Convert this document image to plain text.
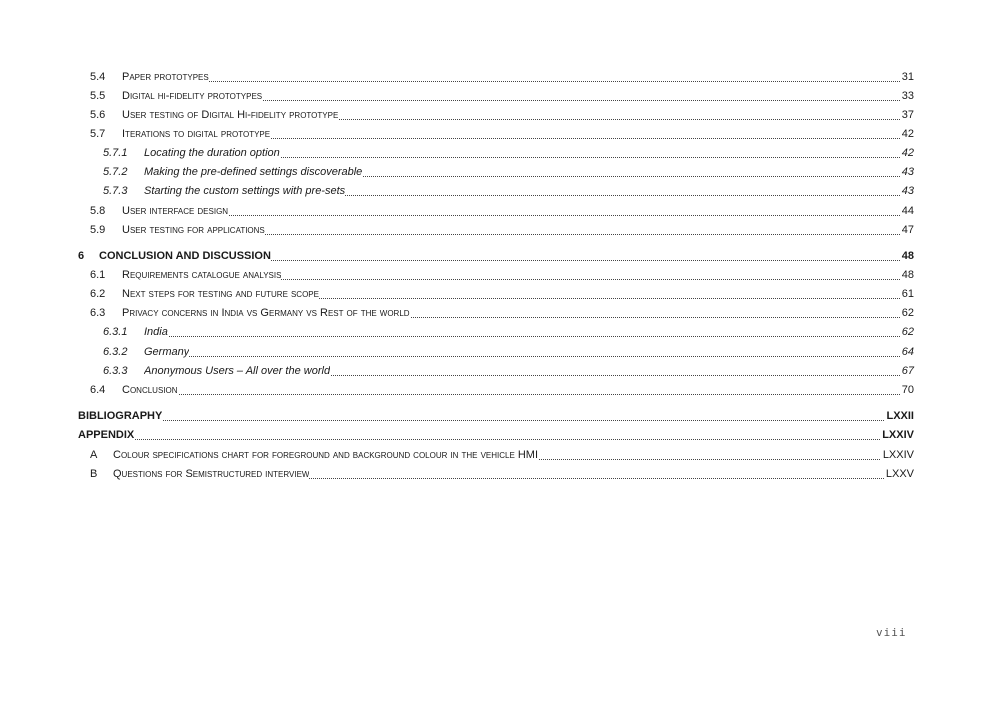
5.4 Paper prototypes	31
5.5 Digital hi-fidelity prototypes	33
5.6 User testing of Digital Hi-fidelity prototype	37
5.7 Iterations to digital prototype	42
5.7.1 Locating the duration option	42
5.7.2 Making the pre-defined settings discoverable	43
5.7.3 Starting the custom settings with pre-sets	43
5.8 User interface design	44
5.9 User testing for applications	47
6 CONCLUSION AND DISCUSSION	48
6.1 Requirements catalogue analysis	48
6.2 Next steps for testing and future scope	61
6.3 Privacy concerns in India vs Germany vs Rest of the world	62
6.3.1 India	62
6.3.2 Germany	64
6.3.3 Anonymous Users – All over the world	67
6.4 Conclusion	70
BIBLIOGRAPHY	LXXII
APPENDIX	LXXIV
A Colour specifications chart for foreground and background colour in the vehicle HMI	LXXIV
B Questions for Semistructured interview	LXXV
viii
